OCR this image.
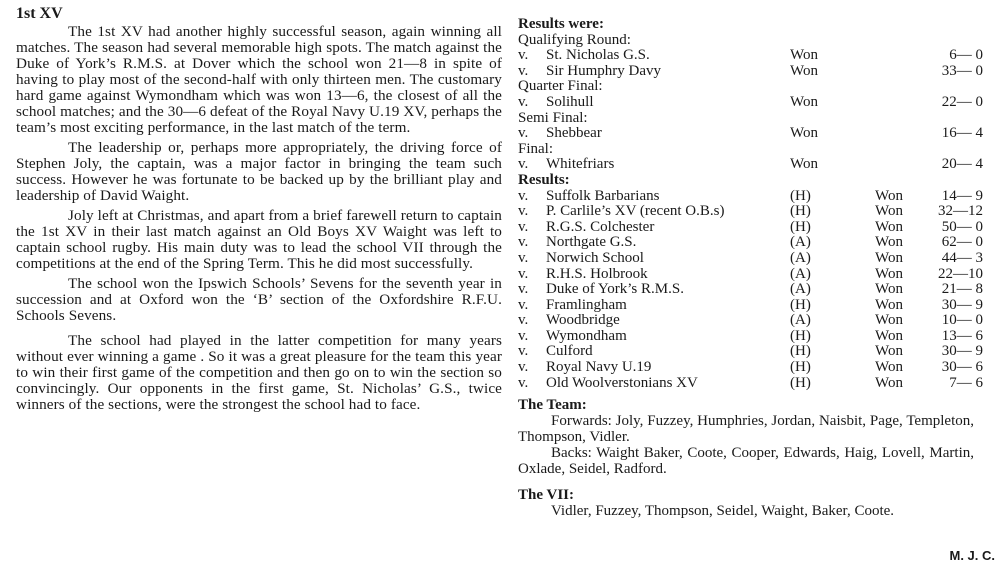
1st XV

The 1st XV had another highly successful season, again winning all matches. The season had several memorable high spots. The match against the Duke of York’s R.M.S. at Dover which the school won 21—8 in spite of having to play most of the second-half with only thirteen men. The customary hard game against Wymondham which was won 13—6, the closest of all the school matches; and the 30—6 defeat of the Royal Navy U.19 XV, perhaps the team’s most exciting performance, in the last match of the term.

The leadership or, perhaps more appropriately, the driving force of Stephen Joly, the captain, was a major factor in bringing the team such success. However he was fortunate to be backed up by the brilliant play and leadership of David Waight.

Joly left at Christmas, and apart from a brief farewell return to captain the 1st XV in their last match against an Old Boys XV Waight was left to captain school rugby. His main duty was to lead the school VII through the competitions at the end of the Spring Term. This he did most successfully.

The school won the Ipswich Schools’ Sevens for the seventh year in succession and at Oxford won the ‘B’ section of the Oxfordshire R.F.U. Schools Sevens.

The school had played in the latter competition for many years without ever winning a game . So it was a great pleasure for the team this year to win their first game of the competition and then go on to win the section so convincingly. Our opponents in the first game, St. Nicholas’ G.S., twice winners of the sections, were the strongest the school had to face.

Results were:
Qualifying Round:
v. St. Nicholas G.S.	Won	6— 0
v. Sir Humphry Davy	Won	33— 0
Quarter Final:
v. Solihull	Won	22— 0
Semi Final:
v. Shebbear	Won	16— 4
Final:
v. Whitefriars	Won	20— 4
Results:
v. Suffolk Barbarians	(H)	Won	14— 9
v. P. Carlile’s XV (recent O.B.s)	(H)	Won 32—12
v. R.G.S. Colchester	(H)	Won	50— 0
v. Northgate G.S.	(A)	Won	62— 0
v. Norwich School	(A)	Won	44— 3
v. R.H.S. Holbrook	(A)	Won 22—10
v. Duke of York’s R.M.S.	(A)	Won	21— 8
v. Framlingham	(H)	Won	30— 9
v. Woodbridge	(A)	Won	10— 0
v. Wymondham	(H)	Won	13— 6
v. Culford	(H)	Won	30— 9
v. Royal Navy U.19	(H)	Won	30— 6
v. Old Woolverstonians XV	(H)	Won	7— 6
The Team:

Forwards: Joly, Fuzzey, Humphries, Jordan, Naisbit, Page, Templeton, Thompson, Vidler.

Backs: Waight Baker, Coote, Cooper, Edwards, Haig, Lovell, Martin, Oxlade, Seidel, Radford.

The VII:

Vidler, Fuzzey, Thompson, Seidel, Waight, Baker, Coote.

M. J. C.
